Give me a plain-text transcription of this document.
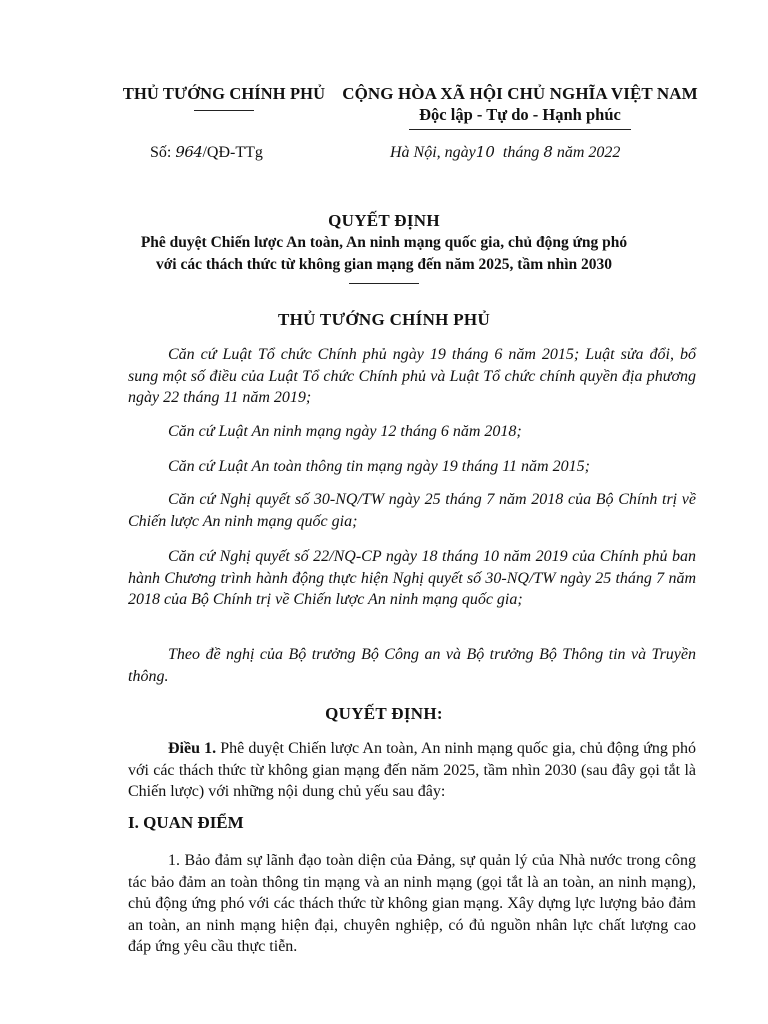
THỦ TƯỚNG CHÍNH PHỦ	CỘNG HÒA XÃ HỘI CHỦ NGHĨA VIỆT NAM
Độc lập - Tự do - Hạnh phúc
Số: 964/QĐ-TTg	Hà Nội, ngày10  tháng 8 năm 2022
QUYẾT ĐỊNH
Phê duyệt Chiến lược An toàn, An ninh mạng quốc gia, chủ động ứng phó
với các thách thức từ không gian mạng đến năm 2025, tầm nhìn 2030
THỦ TƯỚNG CHÍNH PHỦ
Căn cứ Luật Tổ chức Chính phủ ngày 19 tháng 6 năm 2015; Luật sửa đổi, bổ sung một số điều của Luật Tổ chức Chính phủ và Luật Tổ chức chính quyền địa phương ngày 22 tháng 11 năm 2019;
Căn cứ Luật An ninh mạng ngày 12 tháng 6 năm 2018;
Căn cứ Luật An toàn thông tin mạng ngày 19 tháng 11 năm 2015;
Căn cứ Nghị quyết số 30-NQ/TW ngày 25 tháng 7 năm 2018 của Bộ Chính trị về Chiến lược An ninh mạng quốc gia;
Căn cứ Nghị quyết số 22/NQ-CP ngày 18 tháng 10 năm 2019 của Chính phủ ban hành Chương trình hành động thực hiện Nghị quyết số 30-NQ/TW ngày 25 tháng 7 năm 2018 của Bộ Chính trị về Chiến lược An ninh mạng quốc gia;
Theo đề nghị của Bộ trưởng Bộ Công an và Bộ trưởng Bộ Thông tin và Truyền thông.
QUYẾT ĐỊNH:
Điều 1. Phê duyệt Chiến lược An toàn, An ninh mạng quốc gia, chủ động ứng phó với các thách thức từ không gian mạng đến năm 2025, tầm nhìn 2030 (sau đây gọi tắt là Chiến lược) với những nội dung chủ yếu sau đây:
I. QUAN ĐIỂM
1. Bảo đảm sự lãnh đạo toàn diện của Đảng, sự quản lý của Nhà nước trong công tác bảo đảm an toàn thông tin mạng và an ninh mạng (gọi tắt là an toàn, an ninh mạng), chủ động ứng phó với các thách thức từ không gian mạng. Xây dựng lực lượng bảo đảm an toàn, an ninh mạng hiện đại, chuyên nghiệp, có đủ nguồn nhân lực chất lượng cao đáp ứng yêu cầu thực tiễn.
